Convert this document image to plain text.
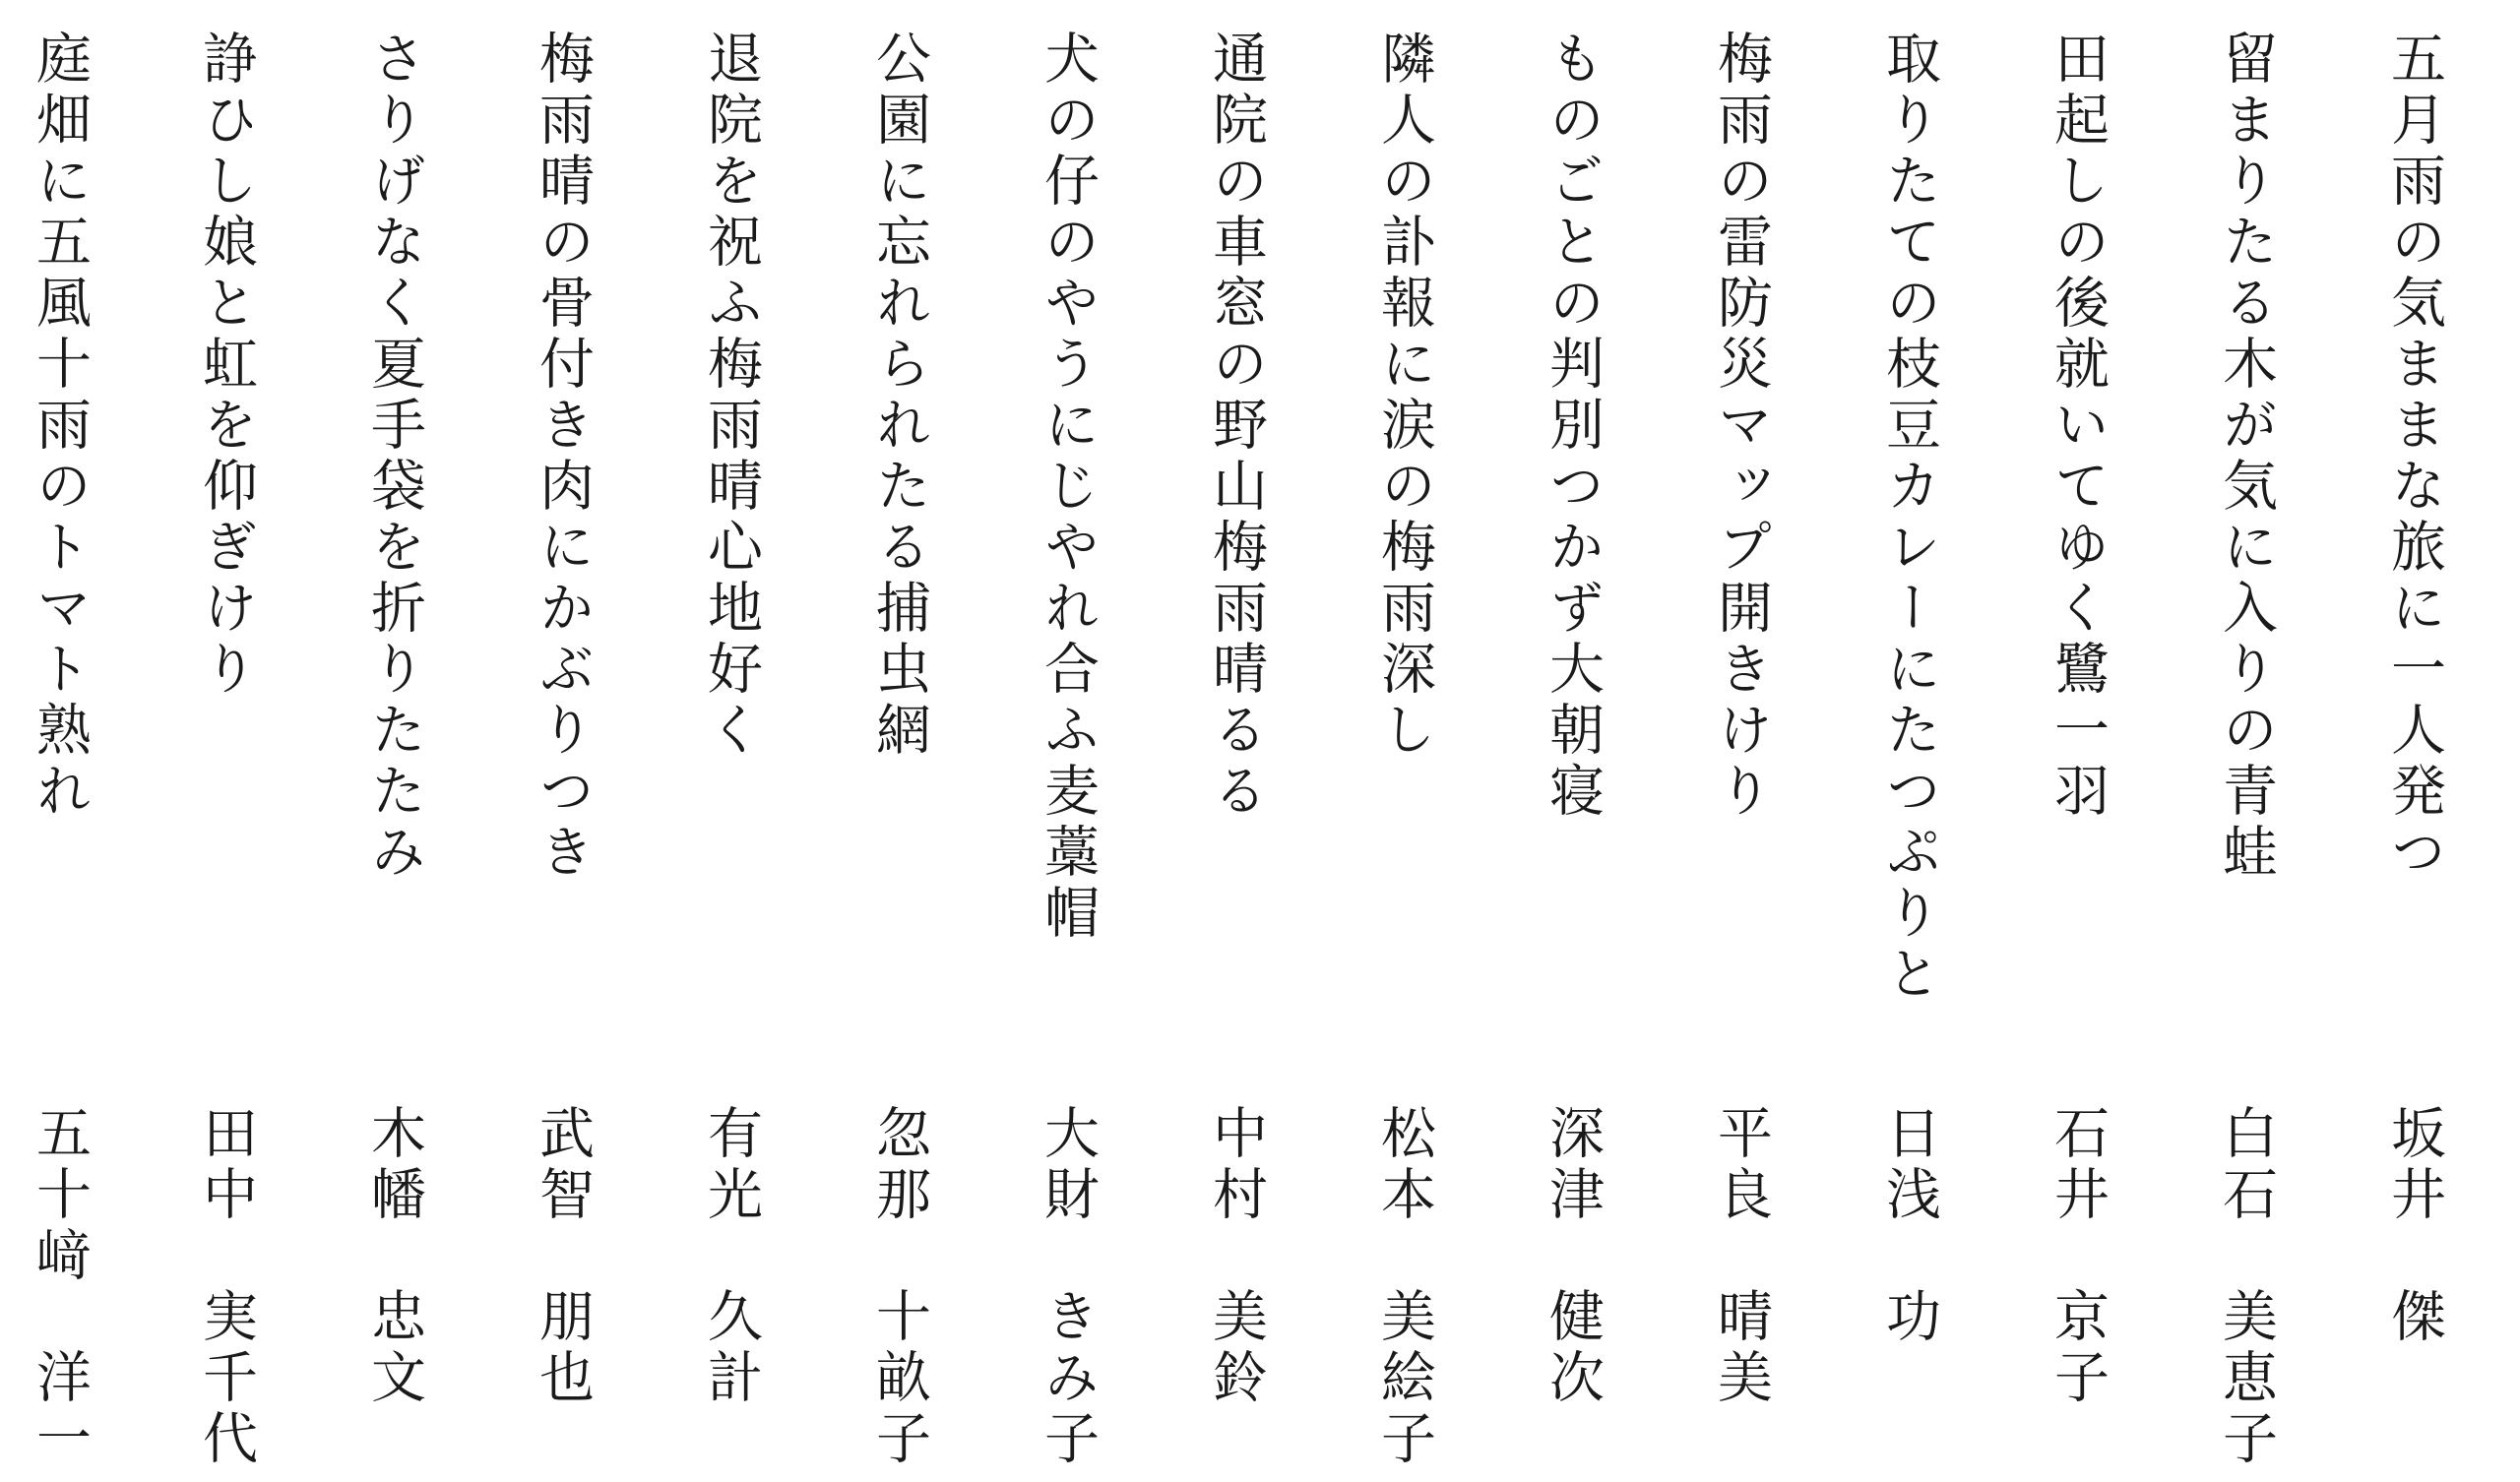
五月雨の気ままな旅に一人発つ
坂井　傑
留まりたる木が気に入りの青蛙
白石　美恵子
田起しの後就いてゆく鷺一羽
石井　京子
取りたての枝豆カレーにたつぷりと
日浅　功
梅雨の雷防災マップ開きけり
平良　晴美
ものごとの判別つかず大朝寝
深津　健次
隣人の訃報に涙の梅雨深し
松本　美絵子
通院の車窓の野山梅雨晴るる
中村　美鈴
犬の仔のやうにじやれ合ふ麦藁帽
大財　きみ子
公園に忘れられたる捕虫網
忽那　十畝子
退院を祝ふ梅雨晴心地好く
有光　久計
梅雨晴の骨付き肉にかぶりつき
武智　朋也
さりげなく夏手袋を折りたたみ
木幡　忠文
諍ひし娘と虹を仰ぎけり
田中　実千代
庭畑に五風十雨のトマト熟れ
五十﨑　洋一
